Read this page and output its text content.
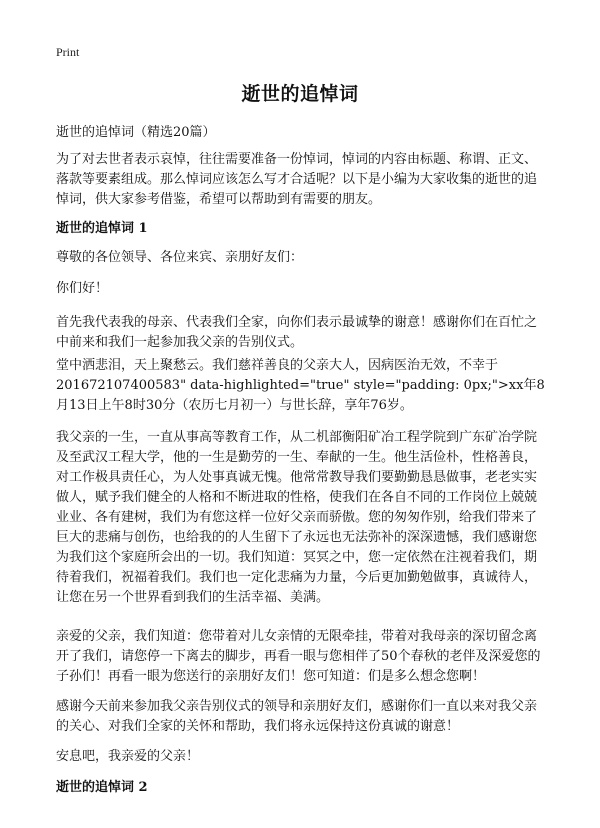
Print
逝世的追悼词
逝世的追悼词（精选20篇）
为了对去世者表示哀悼，往往需要准备一份悼词，悼词的内容由标题、称谓、正文、落款等要素组成。那么悼词应该怎么写才合适呢？以下是小编为大家收集的逝世的追悼词，供大家参考借鉴，希望可以帮助到有需要的朋友。
逝世的追悼词 1
尊敬的各位领导、各位来宾、亲朋好友们：
你们好！
首先我代表我的母亲、代表我们全家，向你们表示最诚挚的谢意！感谢你们在百忙之中前来和我们一起参加我父亲的告别仪式。
堂中洒悲泪，天上聚愁云。我们慈祥善良的父亲大人，因病医治无效，不幸于201672107400583" data-highlighted="true" style="padding: 0px;">xx年8月13日上午8时30分（农历七月初一）与世长辞，享年76岁。
我父亲的一生，一直从事高等教育工作，从二机部衡阳矿冶工程学院到广东矿冶学院及至武汉工程大学，他的一生是勤劳的一生、奉献的一生。他生活俭朴，性格善良，对工作极具责任心，为人处事真诚无愧。他常常教导我们要勤勤恳恳做事，老老实实做人，赋予我们健全的人格和不断进取的性格，使我们在各自不同的工作岗位上兢兢业业、各有建树，我们为有您这样一位好父亲而骄傲。您的匆匆作别，给我们带来了巨大的悲痛与创伤，也给我的的人生留下了永远也无法弥补的深深遗憾，我们感谢您为我们这个家庭所会出的一切。我们知道：冥冥之中，您一定依然在注视着我们，期待着我们，祝福着我们。我们也一定化悲痛为力量，今后更加勤勉做事，真诚待人，让您在另一个世界看到我们的生活幸福、美满。
亲爱的父亲，我们知道：您带着对儿女亲情的无限牵挂，带着对我母亲的深切留念离开了我们，请您停一下离去的脚步，再看一眼与您相伴了50个春秋的老伴及深爱您的子孙们！再看一眼为您送行的亲朋好友们！您可知道：们是多么想念您啊！
感谢今天前来参加我父亲告别仪式的领导和亲朋好友们，感谢你们一直以来对我父亲的关心、对我们全家的关怀和帮助，我们将永远保持这份真诚的谢意！
安息吧，我亲爱的父亲！
逝世的追悼词 2
